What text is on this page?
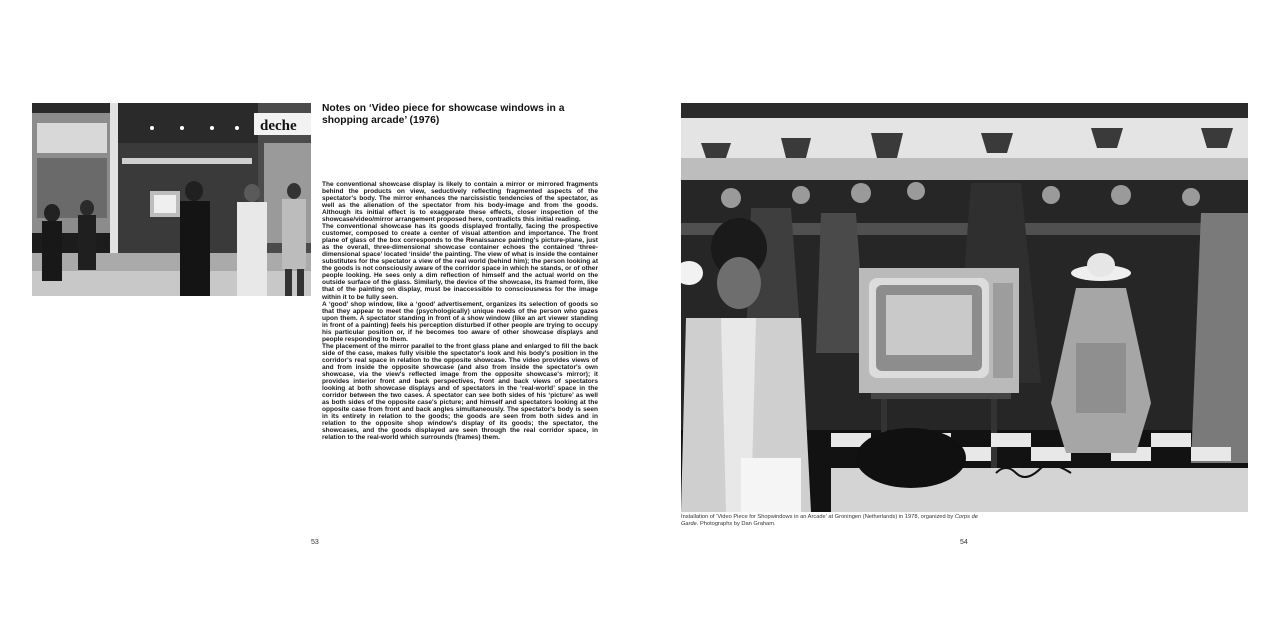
deche
Notes on ‘Video piece for showcase windows in a shopping arcade’ (1976)

The conventional showcase display is likely to contain a mirror or mirrored fragments behind the products on view, seductively reflecting fragmented aspects of the spectator's body. The mirror enhances the narcissistic tendencies of the spectator, as well as the alienation of the spectator from his body-image and from the goods. Although its initial effect is to exaggerate these effects, closer inspection of the showcase/video/mirror arrangement proposed here, contradicts this initial reading.

The conventional showcase has its goods displayed frontally, facing the prospective customer, composed to create a center of visual attention and importance. The front plane of glass of the box corresponds to the Renaissance painting's picture-plane, just as the overall, three-dimensional showcase container echoes the contained ‘three-dimensional space’ located ‘inside’ the painting. The view of what is inside the container substitutes for the spectator a view of the real world (behind him); the person looking at the goods is not consciously aware of the corridor space in which he stands, or of other people looking. He sees only a dim reflection of himself and the actual world on the outside surface of the glass. Similarly, the device of the showcase, its framed form, like that of the painting on display, must be inaccessible to consciousness for the image within it to be fully seen.

A ‘good’ shop window, like a ‘good’ advertisement, organizes its selection of goods so that they appear to meet the (psychologically) unique needs of the person who gazes upon them. A spectator standing in front of a show window (like an art viewer standing in front of a painting) feels his perception disturbed if other people are trying to occupy his particular position or, if he becomes too aware of other showcase displays and people responding to them.

The placement of the mirror parallel to the front glass plane and enlarged to fill the back side of the case, makes fully visible the spectator's look and his body's position in the corridor's real space in relation to the opposite showcase. The video provides views of and from inside the opposite showcase (and also from inside the spectator's own showcase, via the view's reflected image from the opposite showcase's mirror); it provides interior front and back perspectives, front and back views of spectators looking at both showcase displays and of spectators in the ‘real-world’ space in the corridor between the two cases. A spectator can see both sides of his ‘picture’ as well as both sides of the opposite case's picture; and himself and spectators looking at the opposite case from front and back angles simultaneously. The spectator's body is seen in its entirety in relation to the goods; the goods are seen from both sides and in relation to the opposite shop window's display of its goods; the spectator, the showcases, and the goods displayed are seen through the real corridor space, in relation to the real-world which surrounds (frames) them.

53

Installation of ‘Video Piece for Shopwindows in an Arcade’ at Groningen (Netherlands) in 1978, organized by Corps de Garde. Photographs by Dan Graham.

54
